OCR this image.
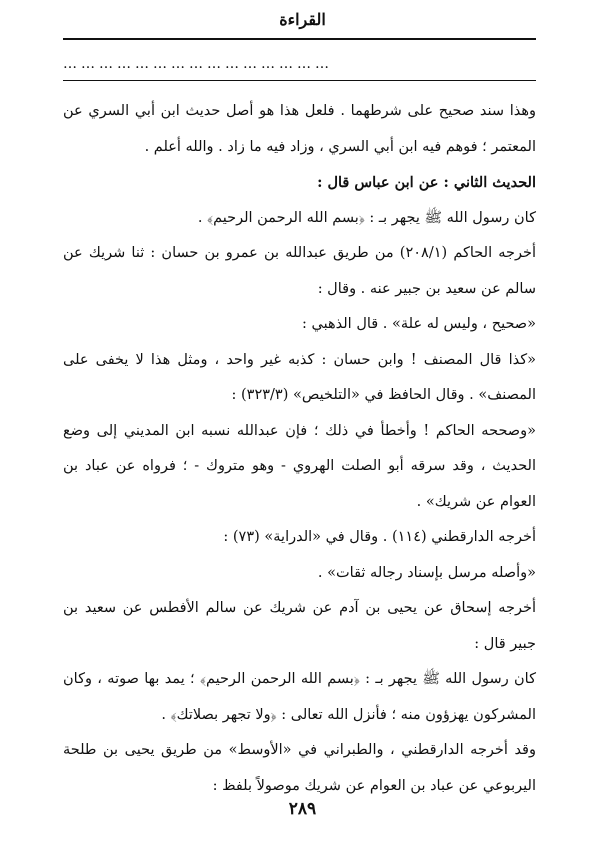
القراءة
………………………………………

وهذا سند صحيح على شرطهما . فلعل هذا هو أصل حديث ابن أبي السري عن المعتمر ؛ فوهم فيه ابن أبي السري ، وزاد فيه ما زاد . والله أعلم .

الحديث الثاني : عن ابن عباس قال :

كان رسول الله ﷺ يجهر بـ : ﴿بسم الله الرحمن الرحيم﴾ .

أخرجه الحاكم (٢٠٨/١) من طريق عبدالله بن عمرو بن حسان : ثنا شريك عن سالم عن سعيد بن جبير عنه . وقال :

«صحيح ، وليس له علة» . قال الذهبي :

«كذا قال المصنف ! وابن حسان : كذبه غير واحد ، ومثل هذا لا يخفى على المصنف» . وقال الحافظ في «التلخيص» (٣٢٣/٣) :

«وصححه الحاكم ! وأخطأ في ذلك ؛ فإن عبدالله نسبه ابن المديني إلى وضع الحديث ، وقد سرقه أبو الصلت الهروي - وهو متروك - ؛ فرواه عن عباد بن العوام عن شريك» .

أخرجه الدارقطني (١١٤) . وقال في «الدراية» (٧٣) :

«وأصله مرسل بإسناد رجاله ثقات» .

أخرجه إسحاق عن يحيى بن آدم عن شريك عن سالم الأفطس عن سعيد بن جبير قال :

كان رسول الله ﷺ يجهر بـ : ﴿بسم الله الرحمن الرحيم﴾ ؛ يمد بها صوته ، وكان المشركون يهزؤون منه ؛ فأنزل الله تعالى : ﴿ولا تجهر بصلاتك﴾ .

وقد أخرجه الدارقطني ، والطبراني في «الأوسط» من طريق يحيى بن طلحة اليربوعي عن عباد بن العوام عن شريك موصولاً بلفظ :

٢٨٩
